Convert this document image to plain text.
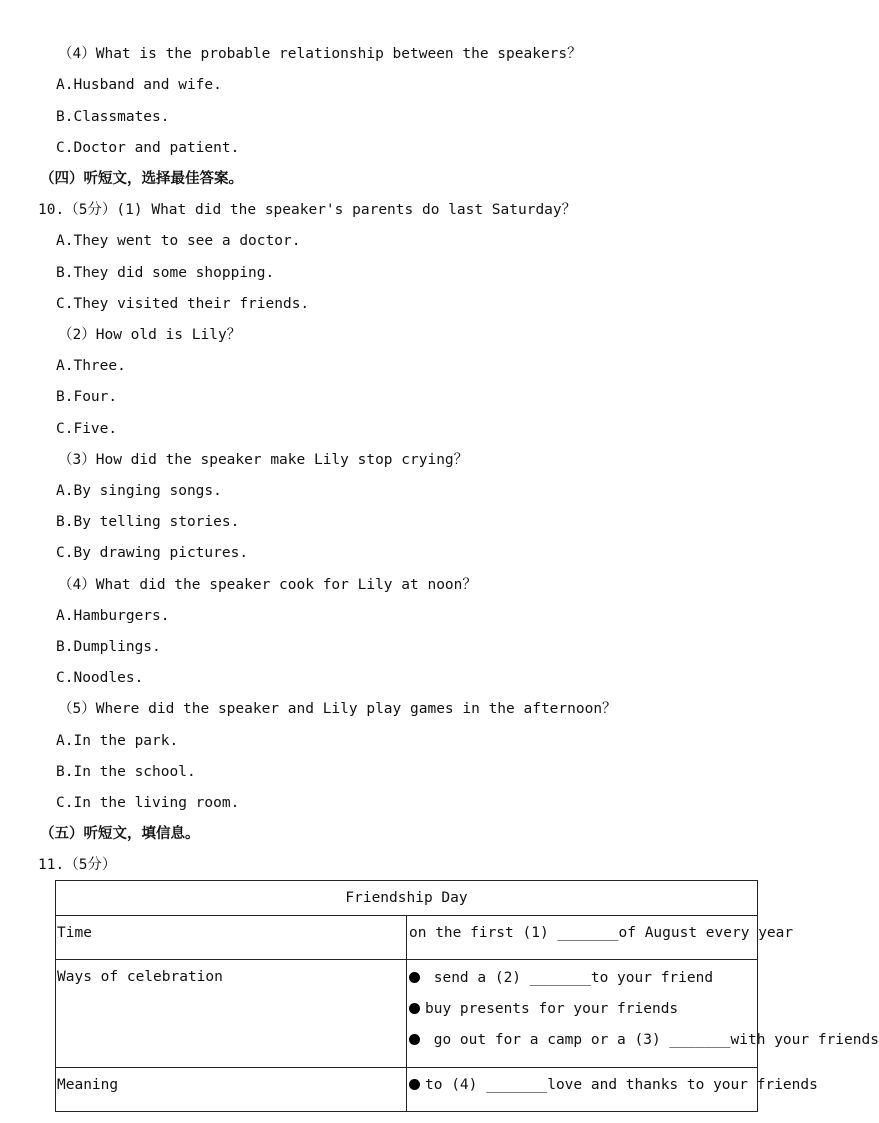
（4）What is the probable relationship between the speakers？
A.Husband and wife.
B.Classmates.
C.Doctor and patient.
（四）听短文，选择最佳答案。
10.（5分）(1) What did the speaker's parents do last Saturday？
A.They went to see a doctor.
B.They did some shopping.
C.They visited their friends.
（2）How old is Lily？
A.Three.
B.Four.
C.Five.
（3）How did the speaker make Lily stop crying？
A.By singing songs.
B.By telling stories.
C.By drawing pictures.
（4）What did the speaker cook for Lily at noon？
A.Hamburgers.
B.Dumplings.
C.Noodles.
（5）Where did the speaker and Lily play games in the afternoon？
A.In the park.
B.In the school.
C.In the living room.
（五）听短文，填信息。
11.（5分）
Friendship Day	
Time	on the first (1) _______of August every year
Ways of celebration	send a (2) _______to your friend
buy presents for your friends
go out for a camp or a (3) _______with your friends

Meaning	to (4) _______love and thanks to your friends
